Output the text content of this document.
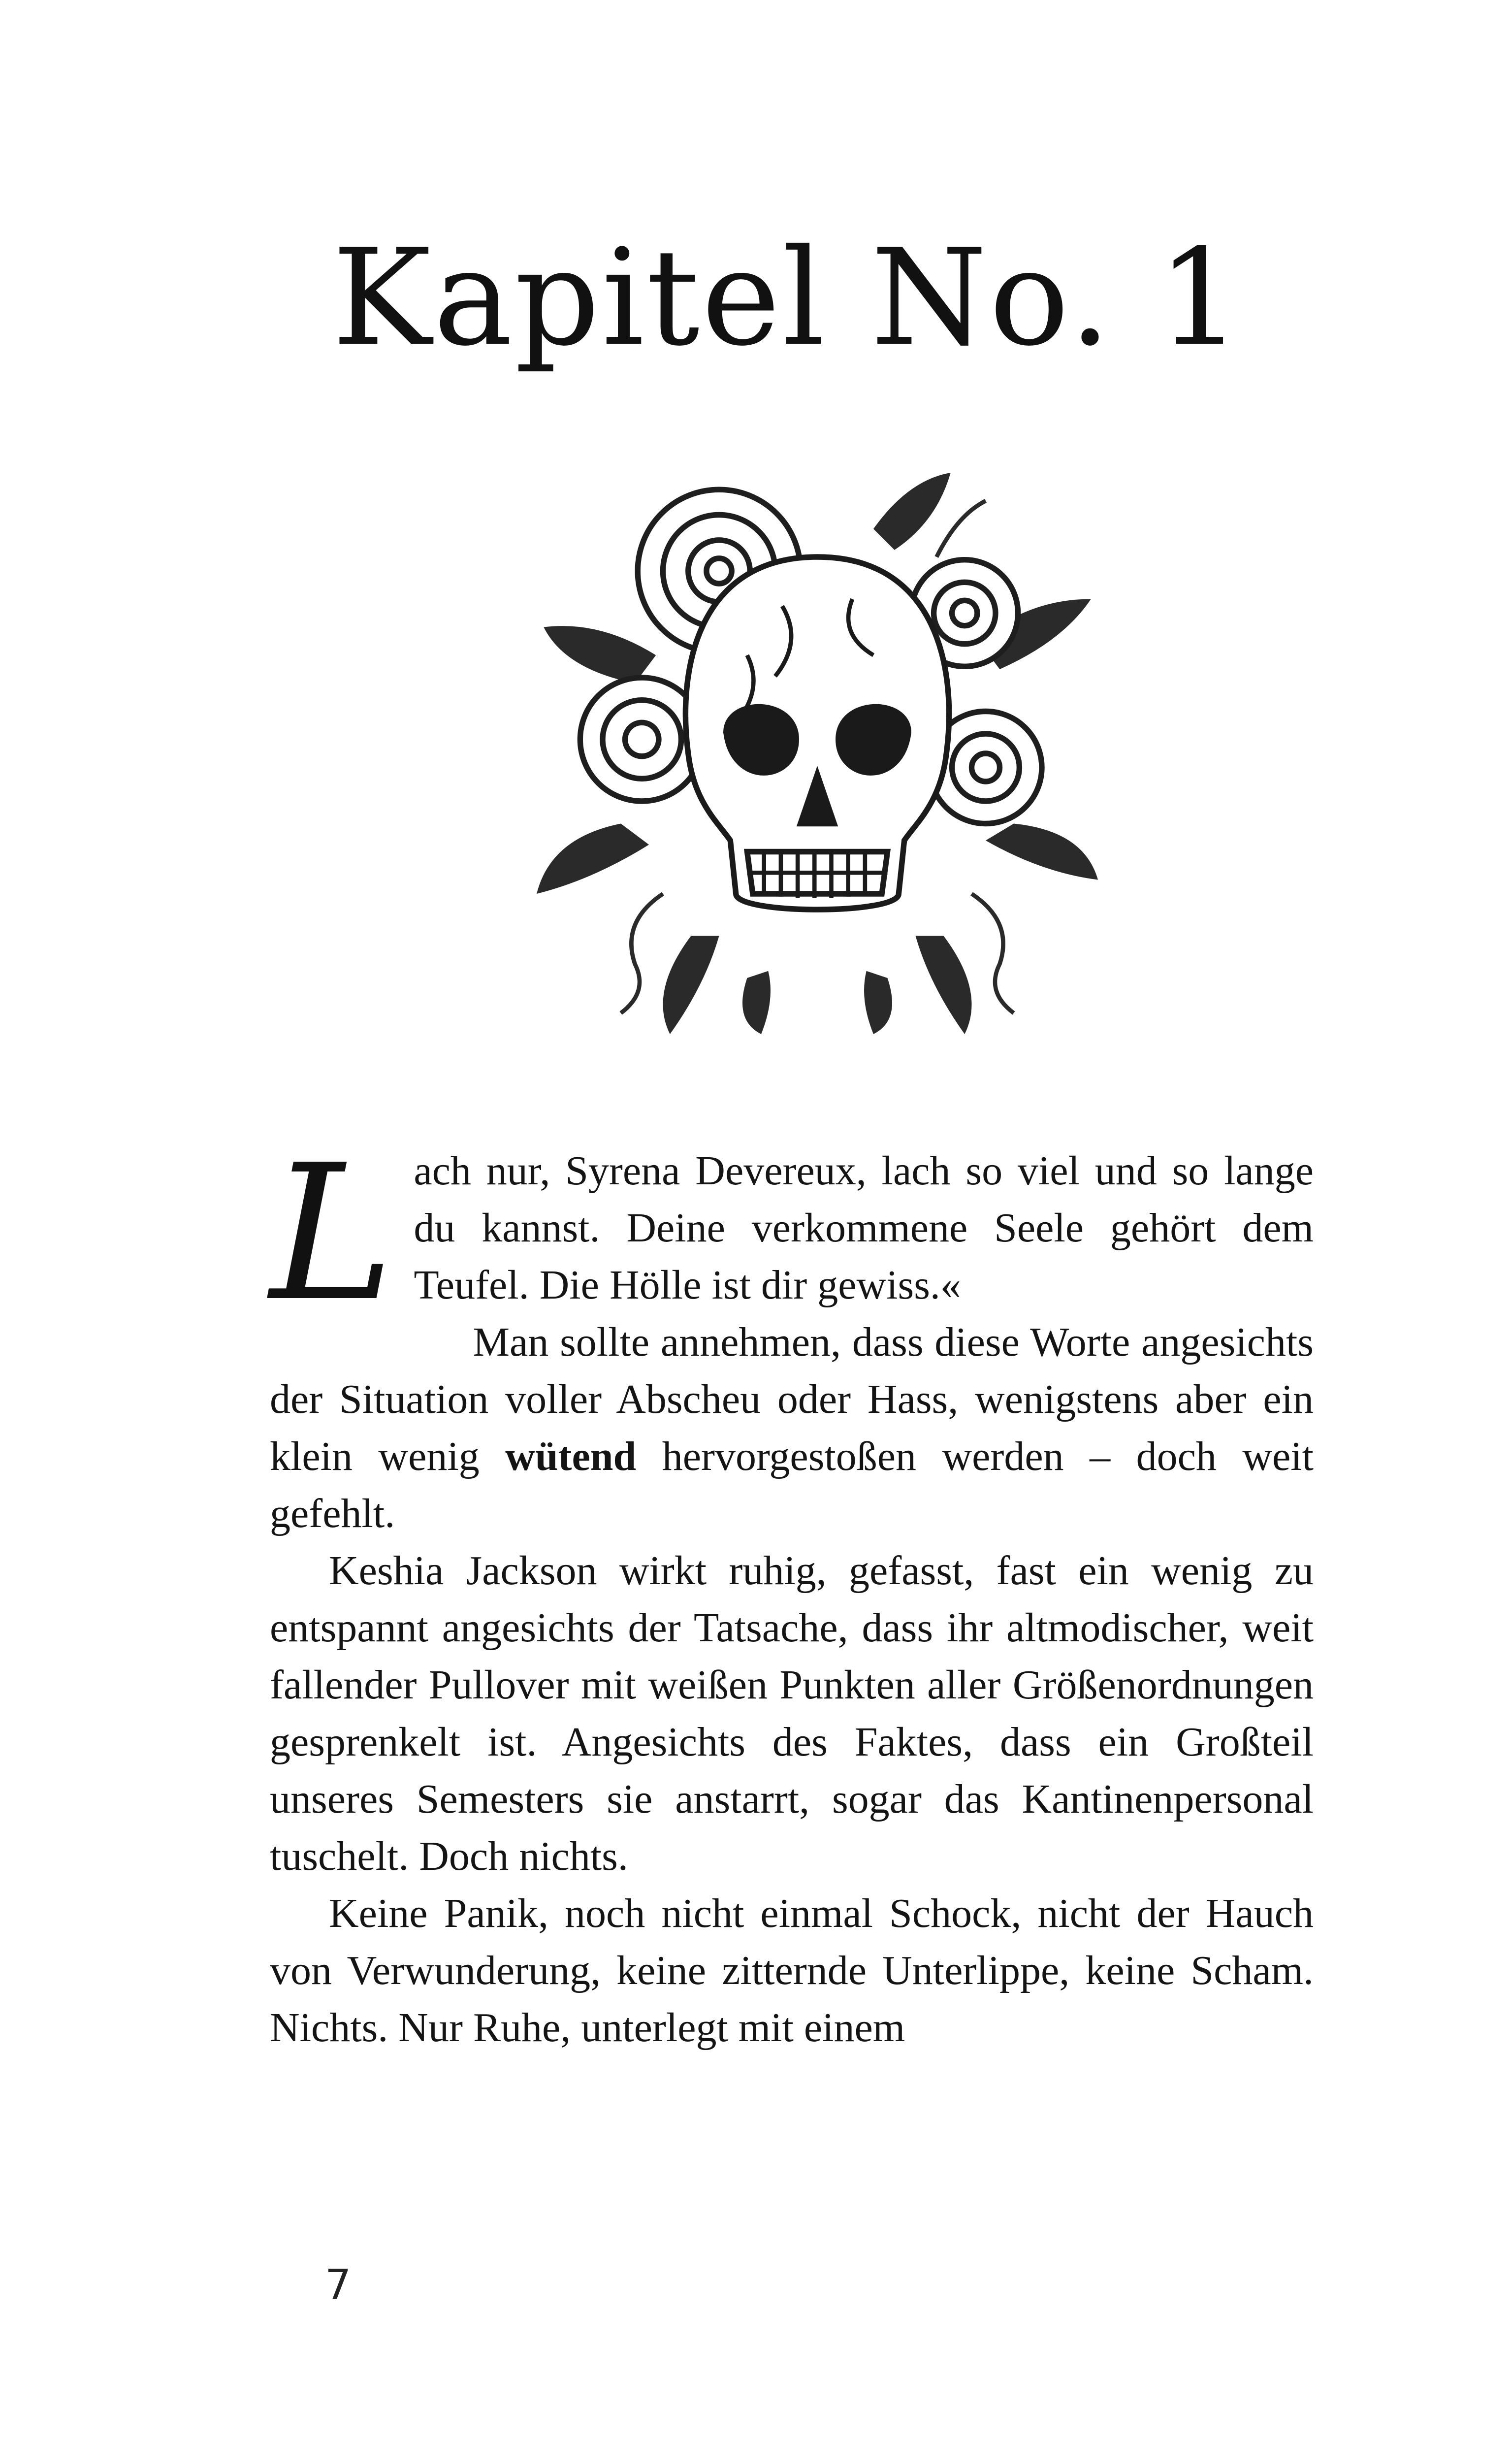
Kapitel No. 1

Lach nur, Syrena Devereux, lach so viel und so lange du kannst. Deine verkommene Seele gehört dem Teufel. Die Hölle ist dir gewiss.«

Man sollte annehmen, dass diese Worte angesichts der Situation voller Abscheu oder Hass, wenigstens aber ein klein wenig wütend hervorgestoßen werden – doch weit gefehlt.

Keshia Jackson wirkt ruhig, gefasst, fast ein wenig zu entspannt angesichts der Tatsache, dass ihr altmodischer, weit fallender Pullover mit weißen Punkten aller Größenordnungen gesprenkelt ist. Angesichts des Faktes, dass ein Großteil unseres Semesters sie anstarrt, sogar das Kantinenpersonal tuschelt. Doch nichts.

Keine Panik, noch nicht einmal Schock, nicht der Hauch von Verwunderung, keine zitternde Unterlippe, keine Scham. Nichts. Nur Ruhe, unterlegt mit einem

7
